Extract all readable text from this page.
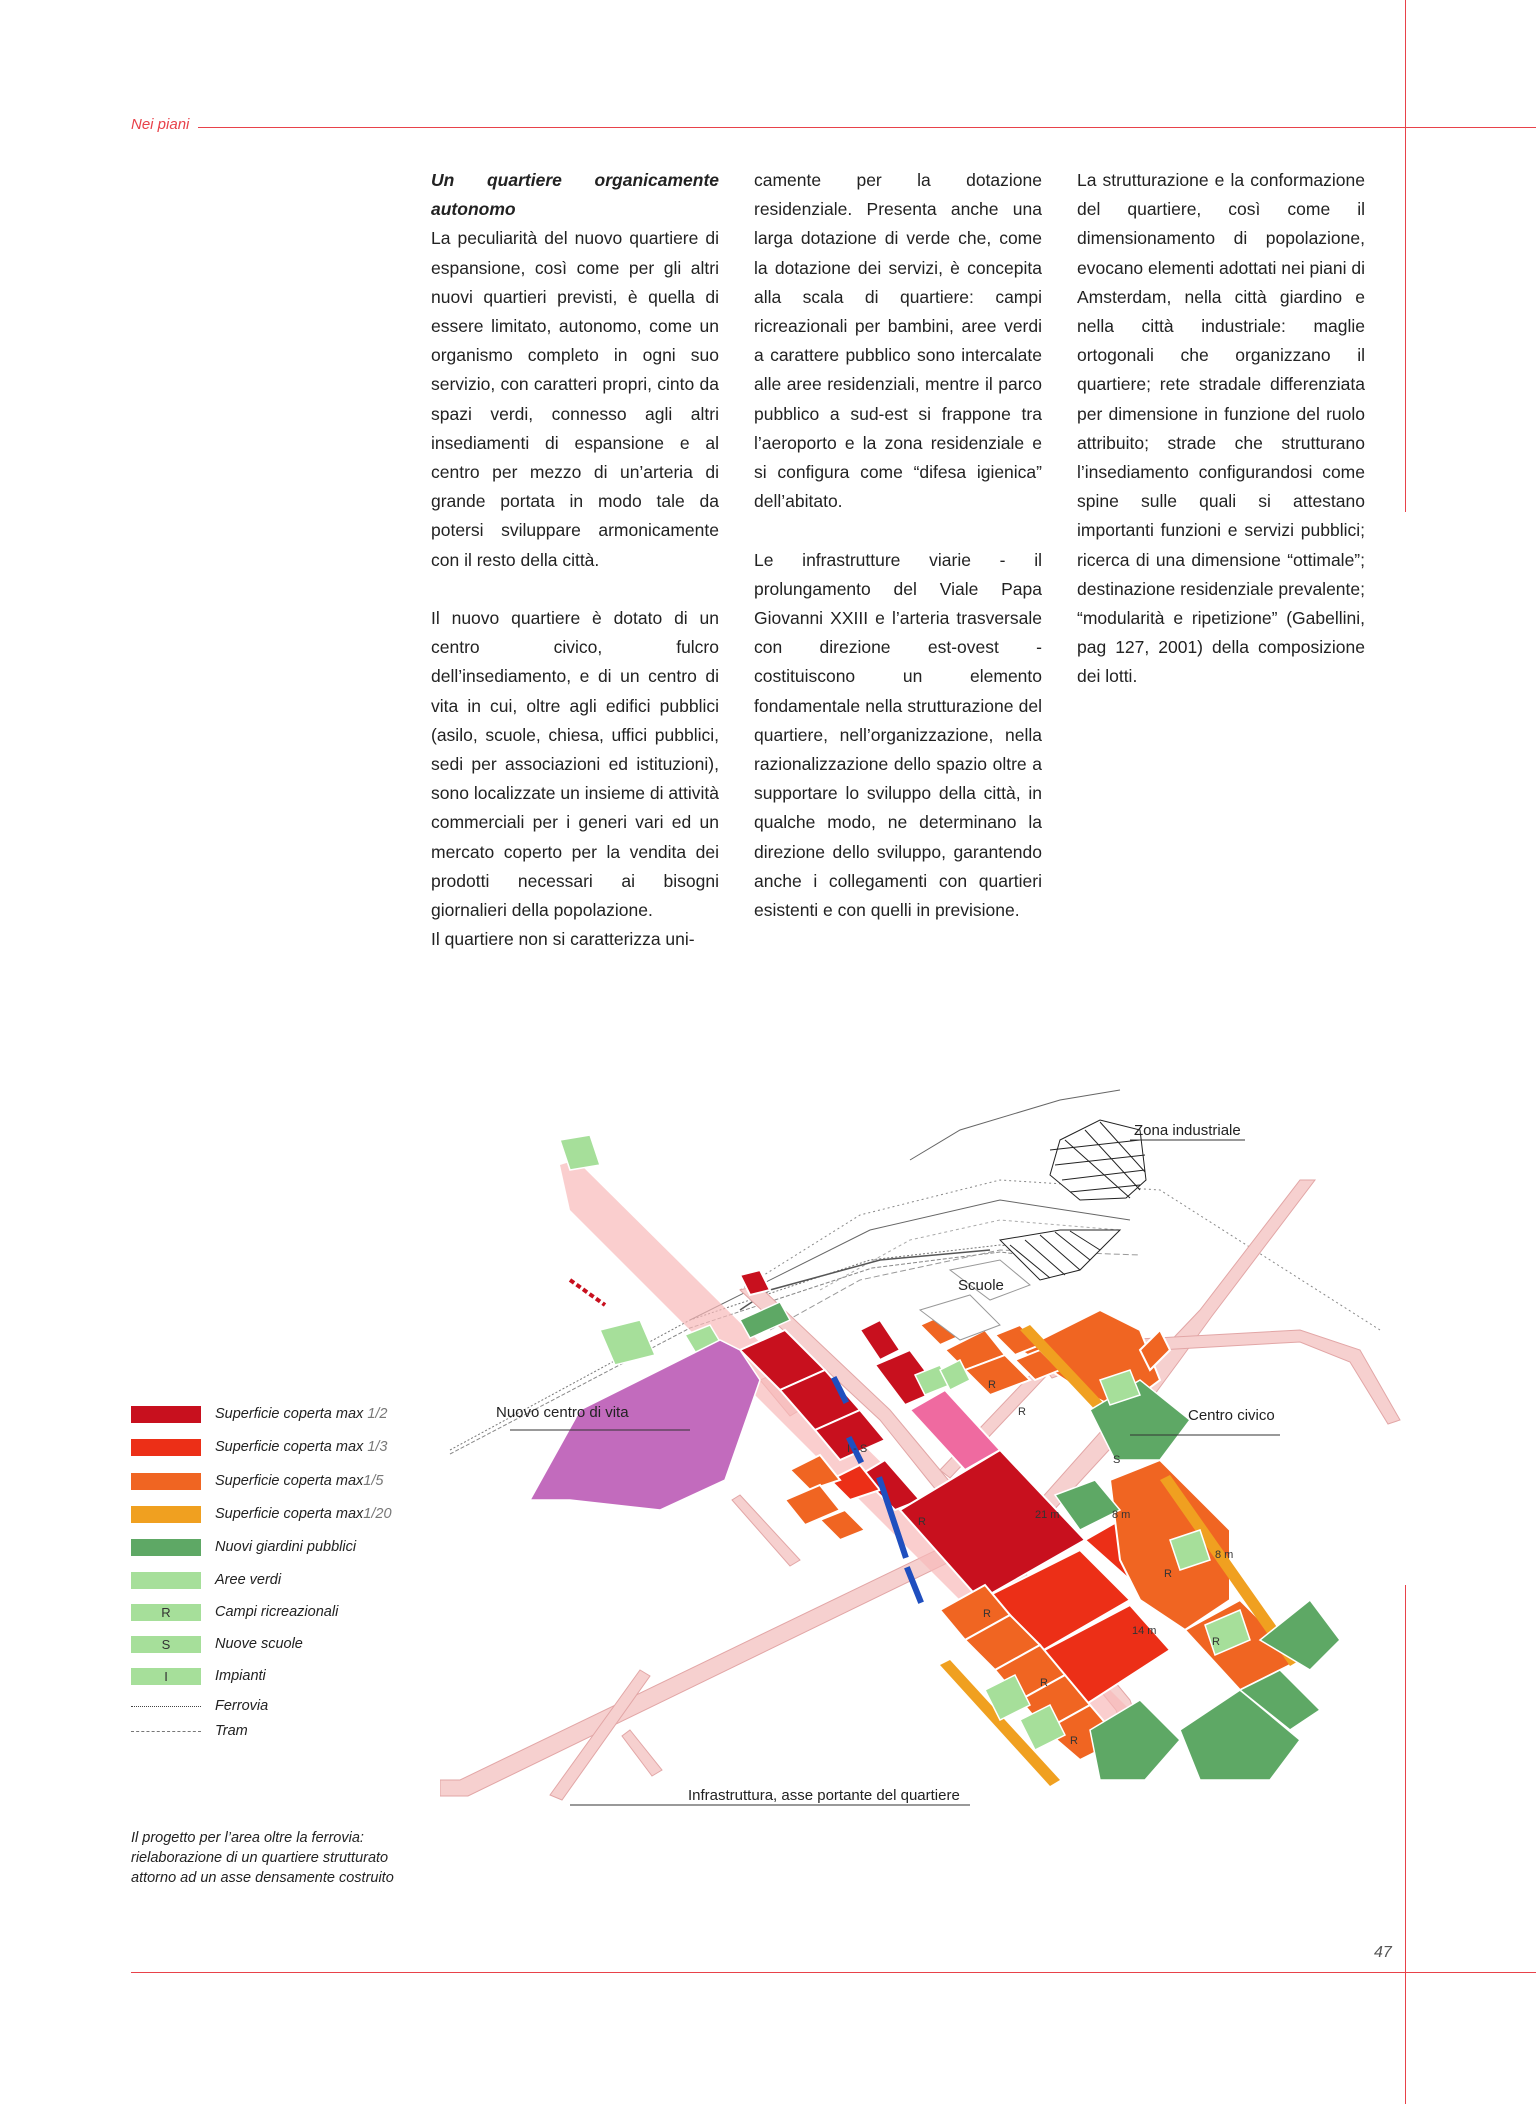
Nei piani
Un quartiere organicamente autonomo

La peculiarità del nuovo quartiere di espansione, così come per gli altri nuovi quartieri previsti, è quella di essere limitato, autonomo, come un organismo completo in ogni suo servizio, con caratteri propri, cinto da spazi verdi, connesso agli altri insediamenti di espansione e al centro per mezzo di un’arteria di grande portata in modo tale da potersi sviluppare armonicamente con il resto della città.

Il nuovo quartiere è dotato di un centro civico, fulcro dell’insediamento, e di un centro di vita in cui, oltre agli edifici pubblici (asilo, scuole, chiesa, uffici pubblici, sedi per associazioni ed istituzioni), sono localizzate un insieme di attività commerciali per i generi vari ed un mercato coperto per la vendita dei prodotti necessari ai bisogni giornalieri della popolazione.

Il quartiere non si caratterizza uni-

camente per la dotazione residenziale. Presenta anche una larga dotazione di verde che, come la dotazione dei servizi, è concepita alla scala di quartiere: campi ricreazionali per bambini, aree verdi a carattere pubblico sono intercalate alle aree residenziali, mentre il parco pubblico a sud-est si frappone tra l’aeroporto e la zona residenziale e si configura come “difesa igienica” dell’abitato.

Le infrastrutture viarie - il prolungamento del Viale Papa Giovanni XXIII e l’arteria trasversale con direzione est-ovest - costituiscono un elemento fondamentale nella strutturazione del quartiere, nell’organizzazione, nella razionalizzazione dello spazio oltre a supportare lo sviluppo della città, in qualche modo, ne determinano la direzione dello sviluppo, garantendo anche i collegamenti con quartieri esistenti e con quelli in previsione.

La strutturazione e la conformazione del quartiere, così come il dimensionamento di popolazione, evocano elementi adottati nei piani di Amsterdam, nella città giardino e nella città industriale: maglie ortogonali che organizzano il quartiere; rete stradale differenziata per dimensione in funzione del ruolo attribuito; strade che strutturano l’insediamento configurandosi come spine sulle quali si attestano importanti funzioni e servizi pubblici; ricerca di una dimensione “ottimale”; destinazione residenziale prevalente; “modularità e ripetizione” (Gabellini, pag 127, 2001) della composizione dei lotti.

Superficie coperta max 1/2
Superficie coperta max 1/3
Superficie coperta max1/5
Superficie coperta max1/20
Nuovi giardini pubblici
Aree verdi
R	Campi ricreazionali
S	Nuove scuole
I	Impianti
Ferrovia
Tram
Il progetto per l’area oltre la ferrovia: rielaborazione di un quartiere strutturato attorno ad un asse densamente costruito
Zona industriale
Scuole
Nuovo centro di vita	Centro civico
Infrastruttura, asse portante del quartiere
21 m	8 m
8 m
14 m
R
R
R
R
R
R
R
R
S
I - S
47
